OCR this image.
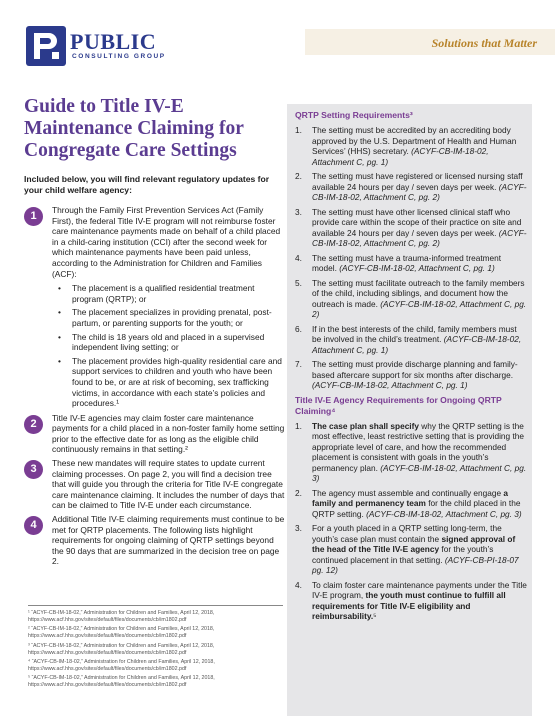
PUBLIC
CONSULTING GROUP
Solutions that Matter
Guide to Title IV-E
Maintenance Claiming for
Congregate Care Settings

Included below, you will find relevant regulatory updates for your child welfare agency:

1	Through the Family First Prevention Services Act (Family First), the federal Title IV-E program will not reimburse foster care maintenance payments made on behalf of a child placed in a child-caring institution (CCI) after the second week for which maintenance payments have been paid unless, according to the Administration for Children and Families (ACF):

• The placement is a qualified residential treatment program (QRTP); or
• The placement specializes in providing prenatal, post-partum, or parenting supports for the youth; or
• The child is 18 years old and placed in a supervised independent living setting; or
• The placement provides high-quality residential care and support services to children and youth who have been found to be, or are at risk of becoming, sex trafficking victims, in accordance with each state’s policies and procedures.¹
2	Title IV-E agencies may claim foster care maintenance payments for a child placed in a non-foster family home setting prior to the effective date for as long as the eligible child continuously remains in that setting.²

3	These new mandates will require states to update current claiming processes. On page 2, you will find a decision tree that will guide you through the criteria for Title IV-E congregate care maintenance claiming. It includes the number of days that can be claimed to Title IV-E under each circumstance.

4	Additional Title IV-E claiming requirements must continue to be met for QRTP placements. The following lists highlight requirements for ongoing claiming of QRTP settings beyond the 90 days that are summarized in the decision tree on page 2.

¹ “ACYF-CB-IM-18-02,” Administration for Children and Families, April 12, 2018, https://www.acf.hhs.gov/sites/default/files/documents/cb/im1802.pdf

² “ACYF-CB-IM-18-02,” Administration for Children and Families, April 12, 2018, https://www.acf.hhs.gov/sites/default/files/documents/cb/im1802.pdf

³ “ACYF-CB-IM-18-02,” Administration for Children and Families, April 12, 2018, https://www.acf.hhs.gov/sites/default/files/documents/cb/im1802.pdf

⁴ “ACYF-CB-IM-18-02,” Administration for Children and Families, April 12, 2018, https://www.acf.hhs.gov/sites/default/files/documents/cb/im1802.pdf

⁵ “ACYF-CB-IM-18-02,” Administration for Children and Families, April 12, 2018, https://www.acf.hhs.gov/sites/default/files/documents/cb/im1802.pdf

QRTP Setting Requirements³
1. The setting must be accredited by an accrediting body approved by the U.S. Department of Health and Human Services’ (HHS) secretary. (ACYF-CB-IM-18-02, Attachment C, pg. 1)
2. The setting must have registered or licensed nursing staff available 24 hours per day / seven days per week. (ACYF-CB-IM-18-02, Attachment C, pg. 2)
3. The setting must have other licensed clinical staff who provide care within the scope of their practice on site and available 24 hours per day / seven days per week. (ACYF-CB-IM-18-02, Attachment C, pg. 2)
4. The setting must have a trauma-informed treatment model. (ACYF-CB-IM-18-02, Attachment C, pg. 1)
5. The setting must facilitate outreach to the family members of the child, including siblings, and document how the outreach is made. (ACYF-CB-IM-18-02, Attachment C, pg. 2)
6. If in the best interests of the child, family members must be involved in the child’s treatment. (ACYF-CB-IM-18-02, Attachment C, pg. 1)
7. The setting must provide discharge planning and family-based aftercare support for six months after discharge. (ACYF-CB-IM-18-02, Attachment C, pg. 1)
Title IV-E Agency Requirements for Ongoing QRTP Claiming⁴
1. The case plan shall specify why the QRTP setting is the most effective, least restrictive setting that is providing the appropriate level of care, and how the recommended placement is consistent with goals in the youth’s permanency plan. (ACYF-CB-IM-18-02, Attachment C, pg. 3)
2. The agency must assemble and continually engage a family and permanency team for the child placed in the QRTP setting. (ACYF-CB-IM-18-02, Attachment C, pg. 3)
3. For a youth placed in a QRTP setting long-term, the youth’s case plan must contain the signed approval of the head of the Title IV-E agency for the youth’s continued placement in that setting. (ACYF-CB-PI-18-07 pg. 12)
4. To claim foster care maintenance payments under the Title IV-E program, the youth must continue to fulfill all requirements for Title IV-E eligibility and reimbursability.⁵
